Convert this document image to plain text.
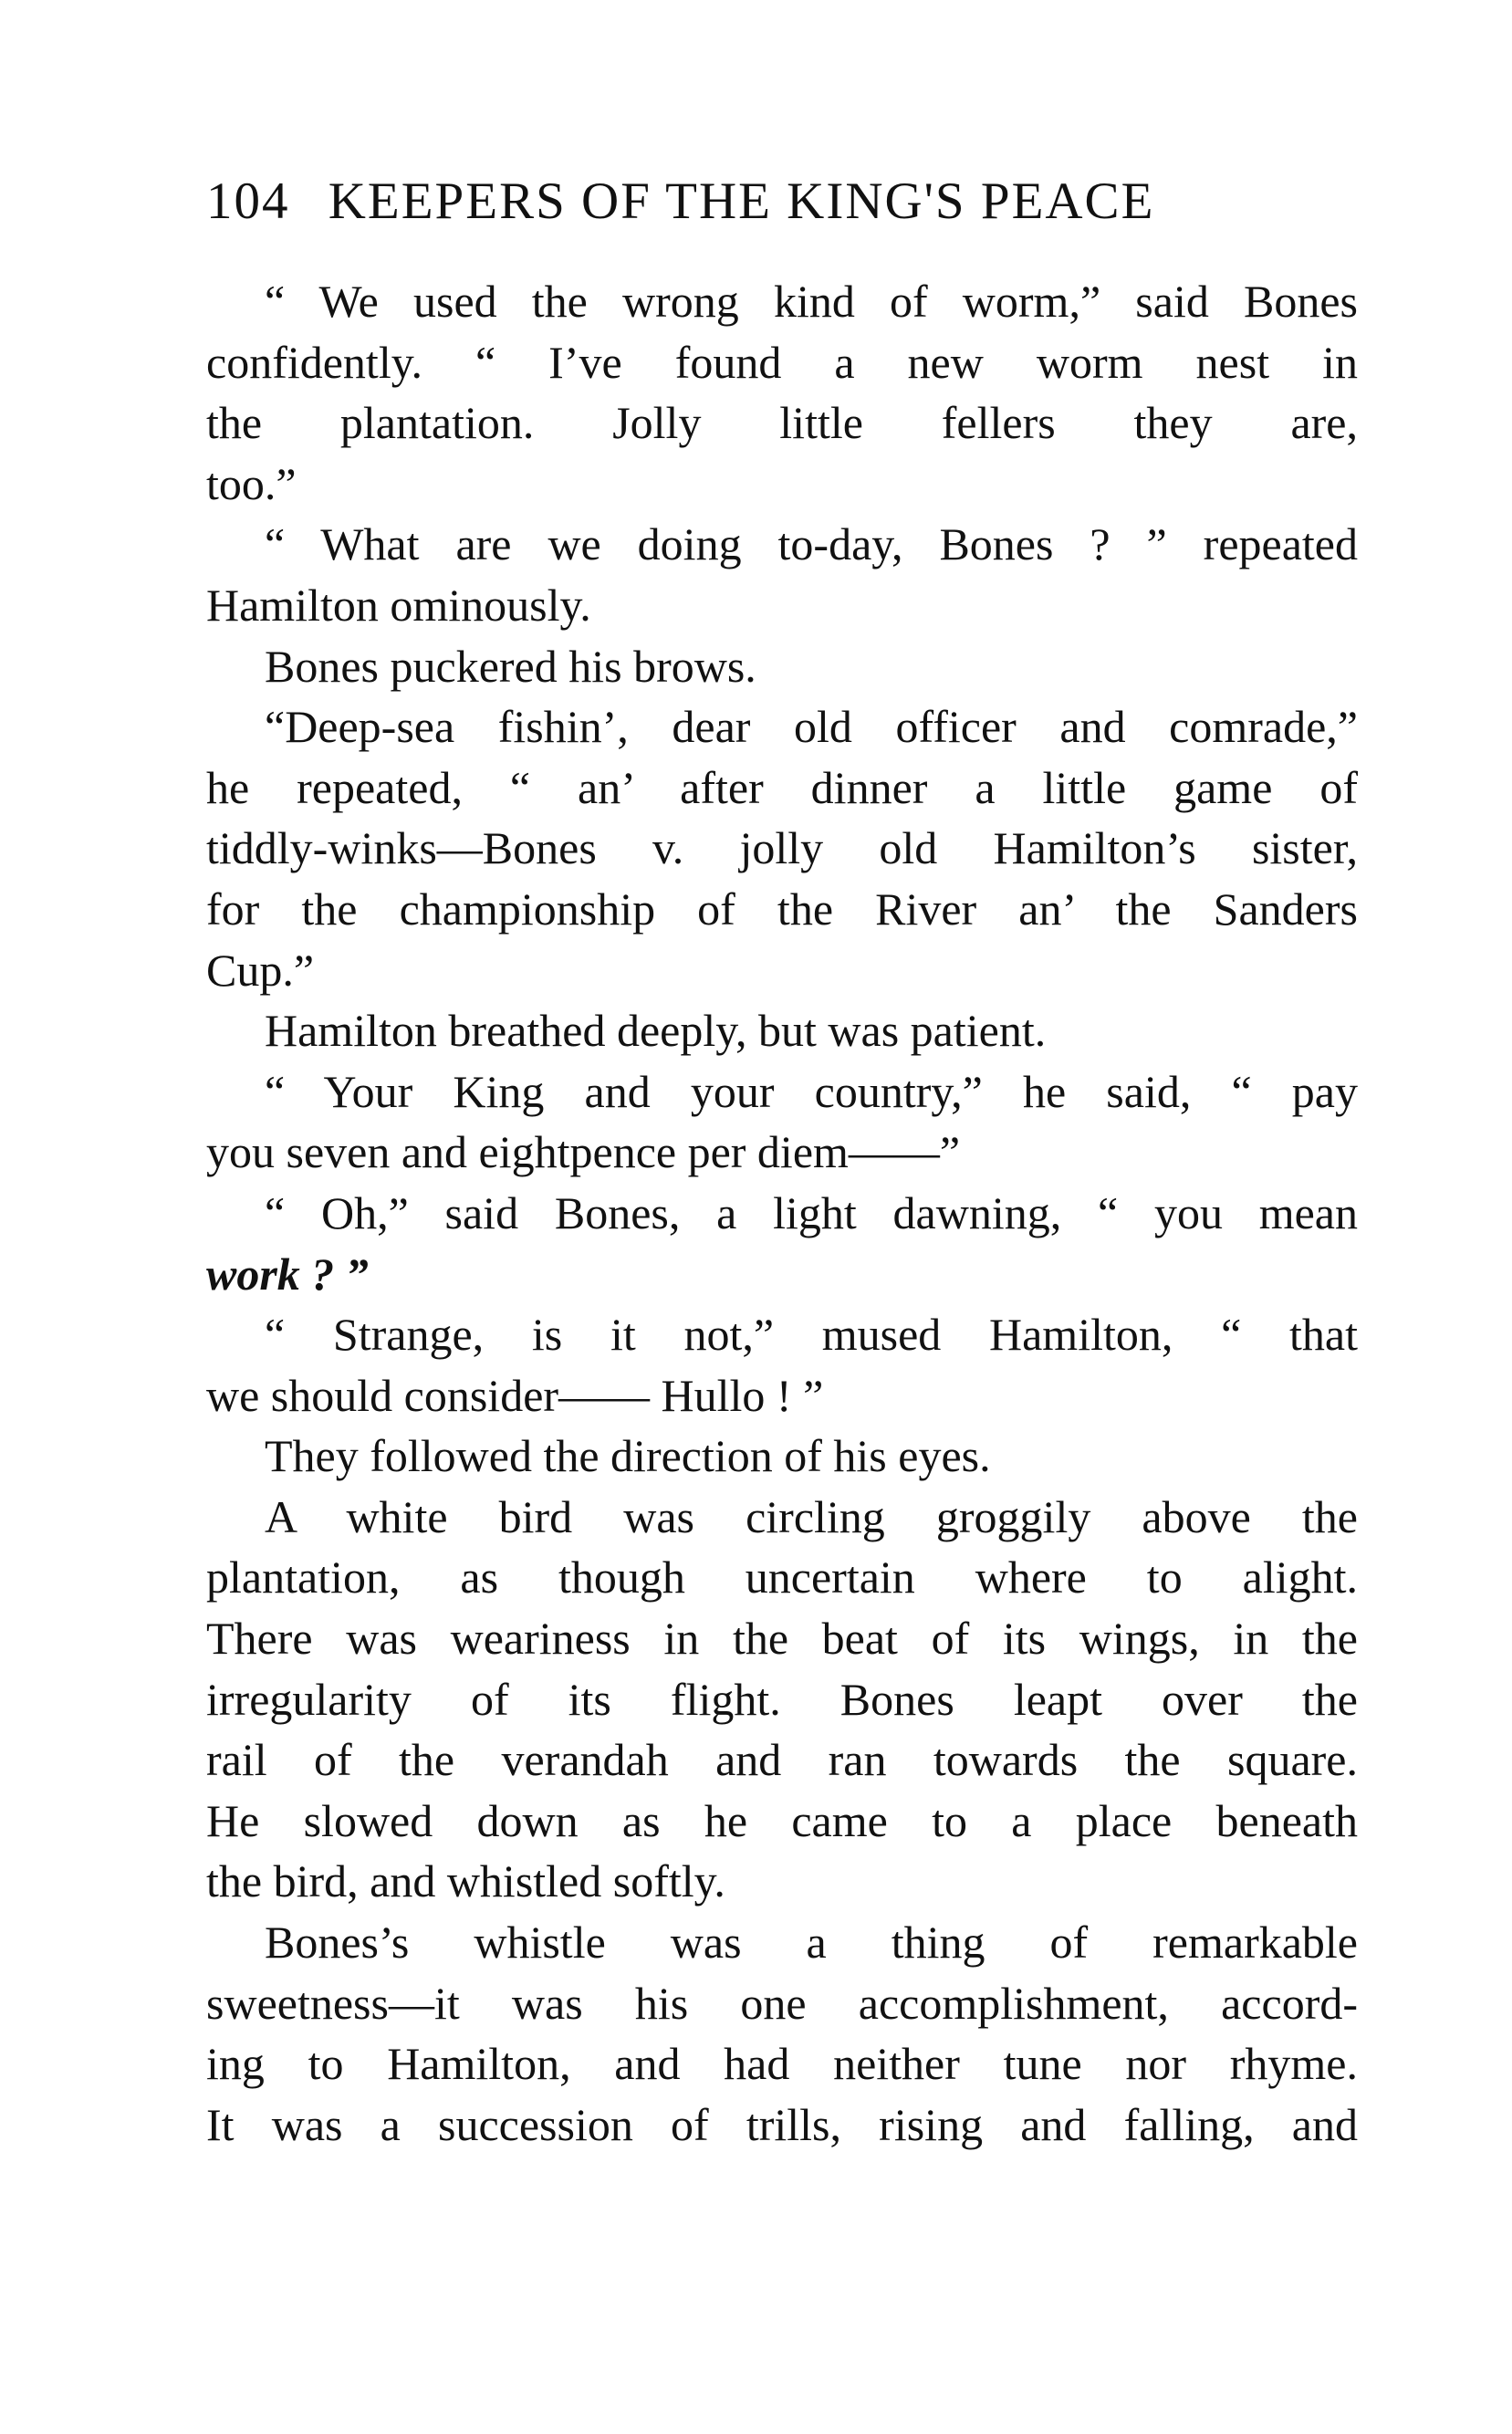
104 KEEPERS OF THE KING'S PEACE
“ We used the wrong kind of worm,” said Bones
confidently. “ I’ve found a new worm nest in
the plantation. Jolly little fellers they are,
too.”
“ What are we doing to-day, Bones ? ” repeated
Hamilton ominously.
Bones puckered his brows.
“Deep-sea fishin’, dear old officer and comrade,”
he repeated, “ an’ after dinner a little game of
tiddly-winks—Bones v. jolly old Hamilton’s sister,
for the championship of the River an’ the Sanders
Cup.”
Hamilton breathed deeply, but was patient.
“ Your King and your country,” he said, “ pay
you seven and eightpence per diem——”
“ Oh,” said Bones, a light dawning, “ you mean
work ? ”
“ Strange, is it not,” mused Hamilton, “ that
we should consider—— Hullo ! ”
They followed the direction of his eyes.
A white bird was circling groggily above the
plantation, as though uncertain where to alight.
There was weariness in the beat of its wings, in the
irregularity of its flight. Bones leapt over the
rail of the verandah and ran towards the square.
He slowed down as he came to a place beneath
the bird, and whistled softly.
Bones’s whistle was a thing of remarkable
sweetness—it was his one accomplishment, accord-
ing to Hamilton, and had neither tune nor rhyme.
It was a succession of trills, rising and falling, and
